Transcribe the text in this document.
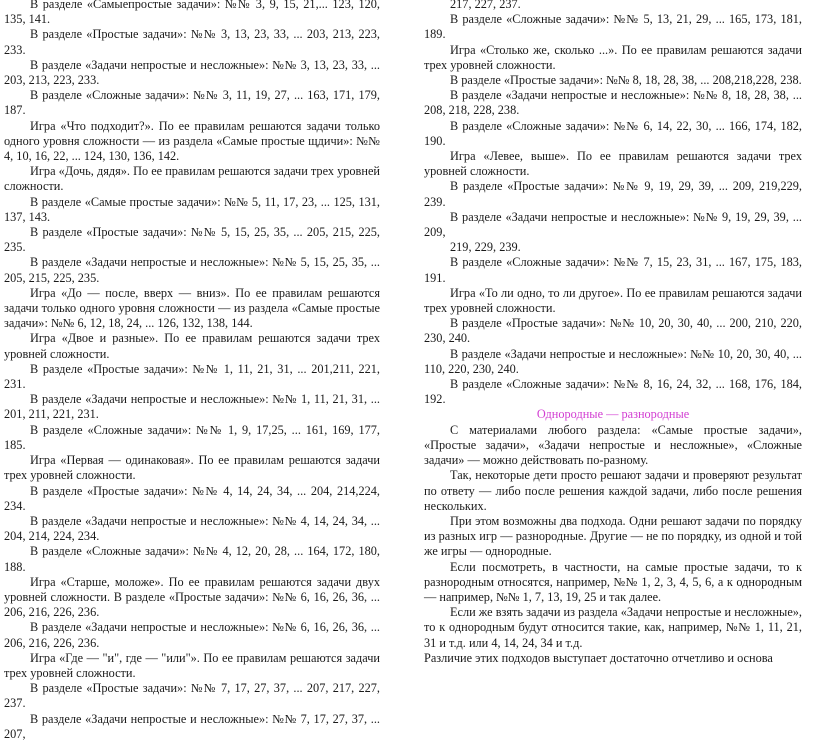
В разделе «Самыепростые задачи»: №№ 3, 9, 15, 21,... 123, 120, 135, 141.

В разделе «Простые задачи»: №№ 3, 13, 23, 33, ... 203, 213, 223, 233.

В разделе «Задачи непростые и несложные»: №№ 3, 13, 23, 33, ... 203, 213, 223, 233.

В разделе «Сложные задачи»: №№ 3, 11, 19, 27, ... 163, 171, 179, 187.

Игра «Что подходит?». По ее правилам решаются задачи только одного уровня сложности — из раздела «Самые простые щдичи»: №№ 4, 10, 16, 22, ... 124, 130, 136, 142.

Игра «Дочь, дядя». По ее правилам решаются задачи трех уровней сложности.

В разделе «Самые простые задачи»: №№ 5, 11, 17, 23, ... 125, 131, 137, 143.

В разделе «Простые задачи»: №№ 5, 15, 25, 35, ... 205, 215, 225, 235.

В разделе «Задачи непростые и несложные»: №№ 5, 15, 25, 35, ... 205, 215, 225, 235.

Игра «До — после, вверх — вниз». По ее правилам решаются задачи только одного уровня сложности — из раздела «Самые простые задачи»: №№ 6, 12, 18, 24, ... 126, 132, 138, 144.

Игра «Двое и разные». По ее правилам решаются задачи трех уровней сложности.

В разделе «Простые задачи»: №№ 1, 11, 21, 31, ... 201,211, 221, 231.

В разделе «Задачи непростые и несложные»: №№ 1, 11, 21, 31, ... 201, 211, 221, 231.

В разделе «Сложные задачи»: №№ 1, 9, 17,25, ... 161, 169, 177, 185.

Игра «Первая — одинаковая». По ее правилам решаются задачи трех уровней сложности.

В разделе «Простые задачи»: №№ 4, 14, 24, 34, ... 204, 214,224, 234.

В разделе «Задачи непростые и несложные»: №№ 4, 14, 24, 34, ... 204, 214, 224, 234.

В разделе «Сложные задачи»: №№ 4, 12, 20, 28, ... 164, 172, 180, 188.

Игра «Старше, моложе». По ее правилам решаются задачи двух уровней сложности. В разделе «Простые задачи»: №№ 6, 16, 26, 36, ... 206, 216, 226, 236.

В разделе «Задачи непростые и несложные»: №№ 6, 16, 26, 36, ... 206, 216, 226, 236.

Игра «Где — "и", где — "или"». По ее правилам решаются задачи трех уровней сложности.

В разделе «Простые задачи»: №№ 7, 17, 27, 37, ... 207, 217, 227, 237.

В разделе «Задачи непростые и несложные»: №№ 7, 17, 27, 37, ... 207,

217, 227, 237.

В разделе «Сложные задачи»: №№ 5, 13, 21, 29, ... 165, 173, 181, 189.

Игра «Столько же, сколько ...». По ее правилам решаются задачи трех уровней сложности.

В разделе «Простые задачи»: №№ 8, 18, 28, 38, ... 208,218,228, 238.

В разделе «Задачи непростые и несложные»: №№ 8, 18, 28, 38, ... 208, 218, 228, 238.

В разделе «Сложные задачи»: №№ 6, 14, 22, 30, ... 166, 174, 182, 190.

Игра «Левее, выше». По ее правилам решаются задачи трех уровней сложности.

В разделе «Простые задачи»: №№ 9, 19, 29, 39, ... 209, 219,229, 239.

В разделе «Задачи непростые и несложные»: №№ 9, 19, 29, 39, ... 209,

219, 229, 239.

В разделе «Сложные задачи»: №№ 7, 15, 23, 31, ... 167, 175, 183, 191.

Игра «То ли одно, то ли другое». По ее правилам решаются задачи трех уровней сложности.

В разделе «Простые задачи»: №№ 10, 20, 30, 40, ... 200, 210, 220, 230, 240.

В разделе «Задачи непростые и несложные»: №№ 10, 20, 30, 40, ... 110, 220, 230, 240.

В разделе «Сложные задачи»: №№ 8, 16, 24, 32, ... 168, 176, 184, 192.

Однородные — разнородные

С материалами любого раздела: «Самые простые задачи», «Простые задачи», «Задачи непростые и несложные», «Сложные задачи» — можно действовать по-разному.

Так, некоторые дети просто решают задачи и проверяют результат по ответу — либо после решения каждой задачи, либо после решения нескольких.

При этом возможны два подхода. Одни решают задачи по порядку из разных игр — разнородные. Другие — не по порядку, из одной и той же игры — однородные.

Если посмотреть, в частности, на самые простые задачи, то к разнородным относятся, например, №№ 1, 2, 3, 4, 5, 6, а к однородным — например, №№ 1, 7, 13, 19, 25 и так далее.

Если же взять задачи из раздела «Задачи непростые и несложные», то к однородным будут относится такие, как, например, №№ 1, 11, 21, 31 и т.д. или 4, 14, 24, 34 и т.д.

Различие этих подходов выступает достаточно отчетливо и основа
